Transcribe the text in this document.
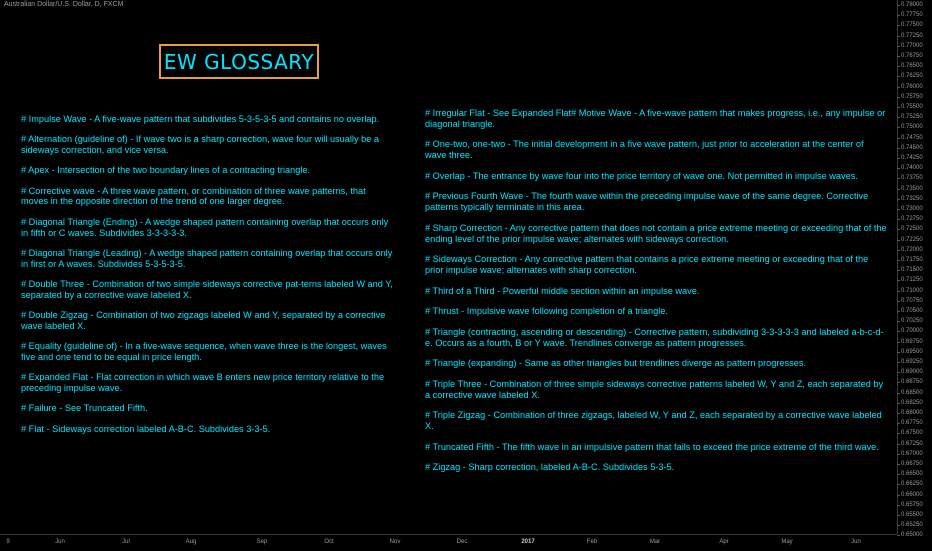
Australian Dollar/U.S. Dollar, D, FXCM
EW GLOSSARY
# Impulse Wave - A five-wave pattern that subdivides 5-3-5-3-5 and contains no overlap.
# Alternation (guideline of) - If wave two is a sharp correction, wave four will usually be a sideways correction, and vice versa.
# Apex - Intersection of the two boundary lines of a contracting triangle.
# Corrective wave - A three wave pattern, or combination of three wave patterns, that moves in the opposite direction of the trend of one larger degree.
# Diagonal Triangle (Ending) - A wedge shaped pattern containing overlap that occurs only in fifth or C waves. Subdivides 3-3-3-3-3.
# Diagonal Triangle (Leading) - A wedge shaped pattern containing overlap that occurs only in first or A waves. Subdivides 5-3-5-3-5.
# Double Three - Combination of two simple sideways corrective pat-terns labeled W and Y, separated by a corrective wave labeled X.
# Double Zigzag - Combination of two zigzags labeled W and Y, separated by a corrective wave labeled X.
# Equality (guideline of) - In a five-wave sequence, when wave three is the longest, waves five and one tend to be equal in price length.
# Expanded Flat - Flat correction in which wave B enters new price territory relative to the preceding impulse wave.
# Failure - See Truncated Fifth.
# Flat - Sideways correction labeled A-B-C. Subdivides 3-3-5.
# Irregular Flat - See Expanded Flat# Motive Wave - A five-wave pattern that makes progress, i.e., any impulse or diagonal triangle.
# One-two, one-two - The initial development in a five wave pattern, just prior to acceleration at the center of wave three.
# Overlap - The entrance by wave four into the price territory of wave one. Not permitted in impulse waves.
# Previous Fourth Wave - The fourth wave within the preceding impulse wave of the same degree. Corrective patterns typically terminate in this area.
# Sharp Correction - Any corrective pattern that does not contain a price extreme meeting or exceeding that of the ending level of the prior impulse wave; alternates with sideways correction.
# Sideways Correction - Any corrective pattern that contains a price extreme meeting or exceeding that of the prior impulse wave; alternates with sharp correction.
# Third of a Third - Powerful middle section within an impulse wave.
# Thrust - Impulsive wave following completion of a triangle.
# Triangle (contracting, ascending or descending) - Corrective pattern, subdividing 3-3-3-3-3 and labeled a-b-c-d-e. Occurs as a fourth, B or Y wave. Trendlines converge as pattern progresses.
# Triangle (expanding) - Same as other triangles but trendlines diverge as pattern progresses.
# Triple Three - Combination of three simple sideways corrective patterns labeled W, Y and Z, each separated by a corrective wave labeled X.
# Triple Zigzag - Combination of three zigzags, labeled W, Y and Z, each separated by a corrective wave labeled X.
# Truncated Fifth - The fifth wave in an impulsive pattern that fails to exceed the price extreme of the third wave.
# Zigzag - Sharp correction, labeled A-B-C. Subdivides 5-3-5.
0.78000
0.77750
0.77500
0.77250
0.77000
0.76750
0.76500
0.76250
0.76000
0.75750
0.75500
0.75250
0.75000
0.74750
0.74500
0.74250
0.74000
0.73750
0.73500
0.73250
0.73000
0.72750
0.72500
0.72250
0.72000
0.71750
0.71500
0.71250
0.71000
0.70750
0.70500
0.70250
0.70000
0.69750
0.69500
0.69250
0.69000
0.68750
0.68500
0.68250
0.68000
0.67750
0.67500
0.67250
0.67000
0.66750
0.66500
0.66250
0.66000
0.65750
0.65500
0.65250
0.65000
9	Jun	Jul	Aug	Sep	Oct	Nov	Dec	2017	Feb	Mar	Apr	May	Jun
